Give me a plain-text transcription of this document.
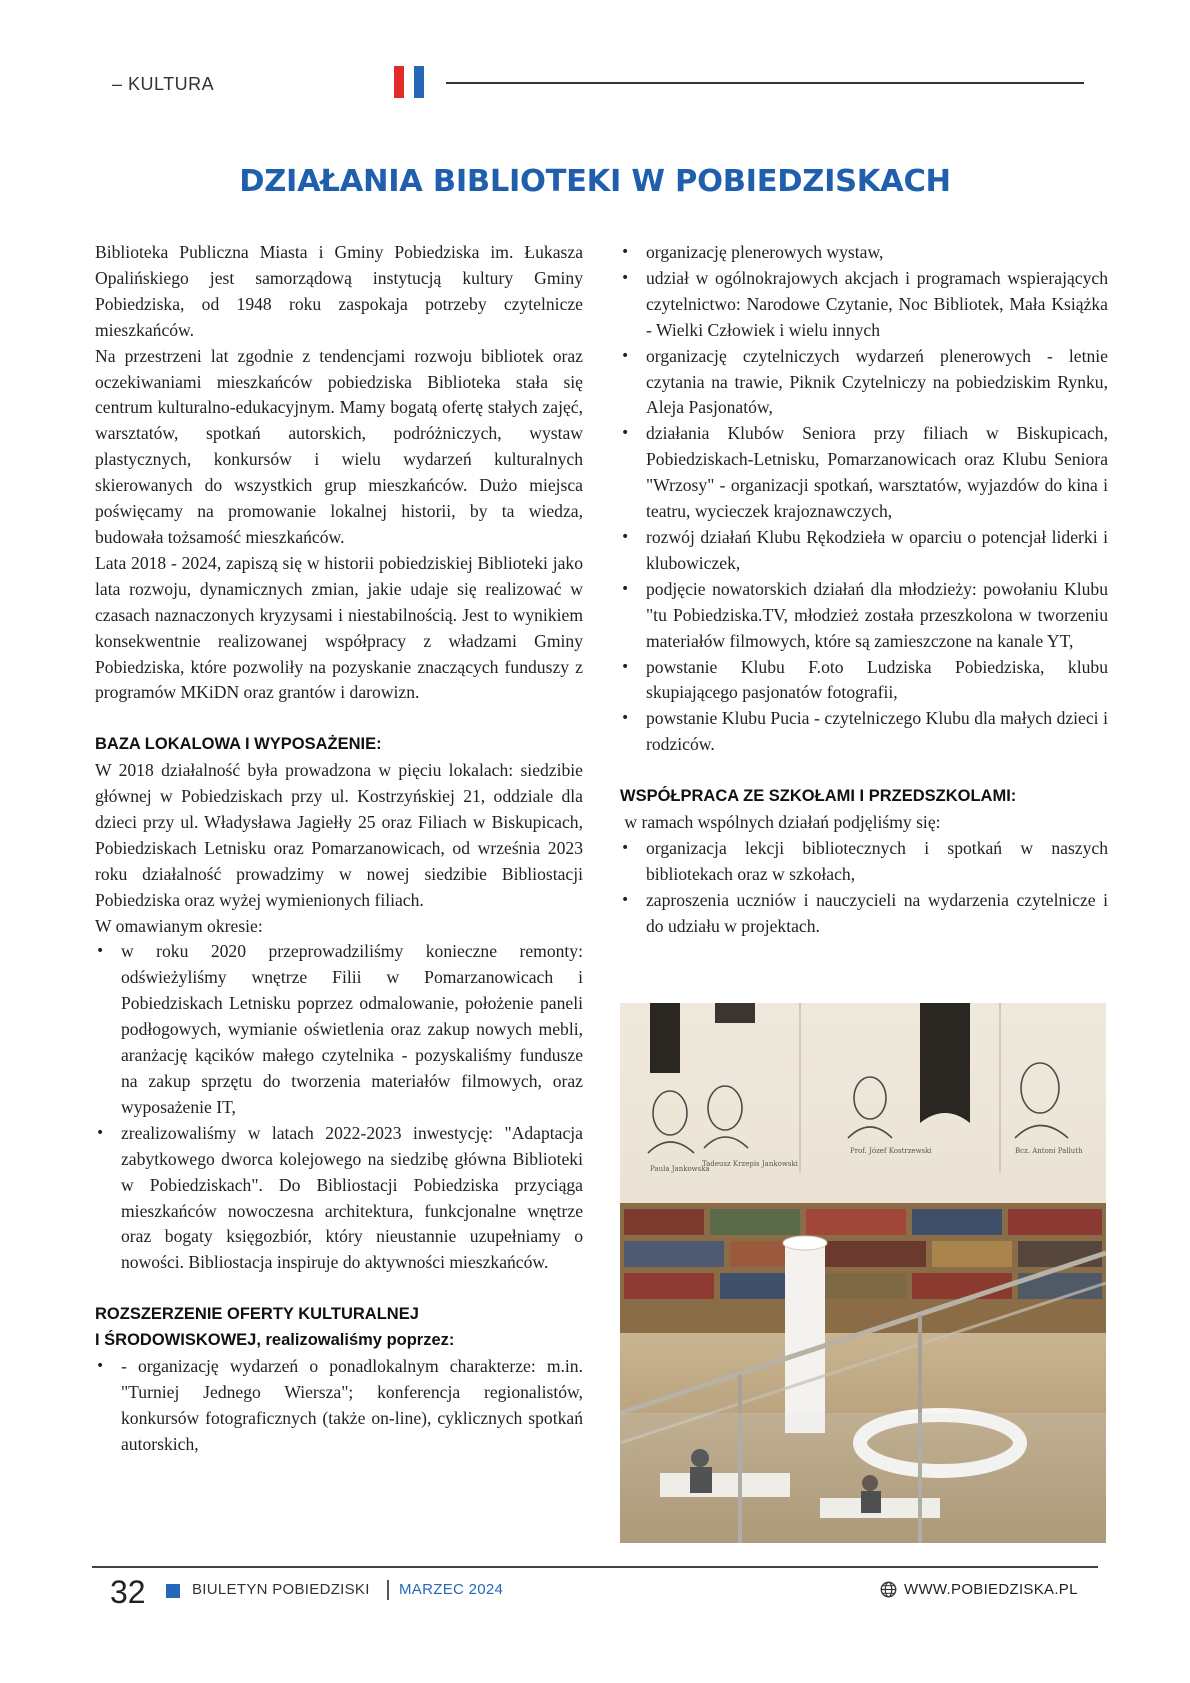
– KULTURA
DZIAŁANIA BIBLIOTEKI W POBIEDZISKACH

Biblioteka Publiczna Miasta i Gminy Pobiedziska im. Łukasza Opalińskiego jest samorządową instytucją kultury Gminy Pobiedziska, od 1948 roku zaspokaja potrzeby czytelnicze mieszkańców.

Na przestrzeni lat zgodnie z tendencjami rozwoju bibliotek oraz oczekiwaniami mieszkańców pobiedziska Biblioteka stała się centrum kulturalno-edukacyjnym. Mamy bogatą ofertę stałych zajęć, warsztatów, spotkań autorskich, podróżniczych, wystaw plastycznych, konkursów i wielu wydarzeń kulturalnych skierowanych do wszystkich grup mieszkańców. Dużo miejsca poświęcamy na promowanie lokalnej historii, by ta wiedza, budowała tożsamość mieszkańców.

Lata 2018 - 2024, zapiszą się w historii pobiedziskiej Biblioteki jako lata rozwoju, dynamicznych zmian, jakie udaje się realizować w czasach naznaczonych kryzysami i niestabilnością. Jest to wynikiem konsekwentnie realizowanej współpracy z władzami Gminy Pobiedziska, które pozwoliły na pozyskanie znaczących funduszy z programów MKiDN oraz grantów i darowizn.

BAZA LOKALOWA I WYPOSAŻENIE:

W 2018 działalność była prowadzona w pięciu lokalach: siedzibie głównej w Pobiedziskach przy ul. Kostrzyńskiej 21, oddziale dla dzieci przy ul. Władysława Jagiełły 25 oraz Filiach w Biskupicach, Pobiedziskach Letnisku oraz Pomarzanowicach, od września 2023 roku działalność prowadzimy w nowej siedzibie Bibliostacji Pobiedziska oraz wyżej wymienionych filiach.

W omawianym okresie:

• w roku 2020 przeprowadziliśmy konieczne remonty: odświeżyliśmy wnętrze Filii w Pomarzanowicach i Pobiedziskach Letnisku poprzez odmalowanie, położenie paneli podłogowych, wymianie oświetlenia oraz zakup nowych mebli, aranżację kącików małego czytelnika - pozyskaliśmy fundusze na zakup sprzętu do tworzenia materiałów filmowych, oraz wyposażenie IT,
• zrealizowaliśmy w latach 2022-2023 inwestycję: "Adaptacja zabytkowego dworca kolejowego na siedzibę główna Biblioteki w Pobiedziskach". Do Bibliostacji Pobiedziska przyciąga mieszkańców nowoczesna architektura, funkcjonalne wnętrze oraz bogaty księgozbiór, który nieustannie uzupełniamy o nowości. Bibliostacja inspiruje do aktywności mieszkańców.
ROZSZERZENIE OFERTY KULTURALNEJ
I ŚRODOWISKOWEJ, realizowaliśmy poprzez:
• - organizację wydarzeń o ponadlokalnym charakterze: m.in. "Turniej Jednego Wiersza"; konferencja regionalistów, konkursów fotograficznych (także on-line), cyklicznych spotkań autorskich,
• organizację plenerowych wystaw,
• udział w ogólnokrajowych akcjach i programach wspierających czytelnictwo: Narodowe Czytanie, Noc Bibliotek, Mała Książka - Wielki Człowiek i wielu innych
• organizację czytelniczych wydarzeń plenerowych - letnie czytania na trawie, Piknik Czytelniczy na pobiedziskim Rynku, Aleja Pasjonatów,
• działania Klubów Seniora przy filiach w Biskupicach, Pobiedziskach-Letnisku, Pomarzanowicach oraz Klubu Seniora "Wrzosy" - organizacji spotkań, warsztatów, wyjazdów do kina i teatru, wycieczek krajoznawczych,
• rozwój działań Klubu Rękodzieła w oparciu o potencjał liderki i klubowiczek,
• podjęcie nowatorskich działań dla młodzieży: powołaniu Klubu "tu Pobiedziska.TV, młodzież została przeszkolona w tworzeniu materiałów filmowych, które są zamieszczone na kanale YT,
• powstanie Klubu F.oto Ludziska Pobiedziska, klubu skupiającego pasjonatów fotografii,
• powstanie Klubu Pucia - czytelniczego Klubu dla małych dzieci i rodziców.
WSPÓŁPRACA ZE SZKOŁAMI I PRZEDSZKOLAMI:

w ramach wspólnych działań podjęliśmy się:

• organizacja lekcji bibliotecznych i spotkań w naszych bibliotekach oraz w szkołach,
• zaproszenia uczniów i nauczycieli na wydarzenia czytelnicze i do udziału w projektach.
Paula Jankowska
Tadeusz Krzepis Jankowski
Prof. Józef Kostrzewski	Bcz. Antoni Palluth
32	BIULETYN POBIEDZISKI MARZEC 2024	WWW.POBIEDZISKA.PL
